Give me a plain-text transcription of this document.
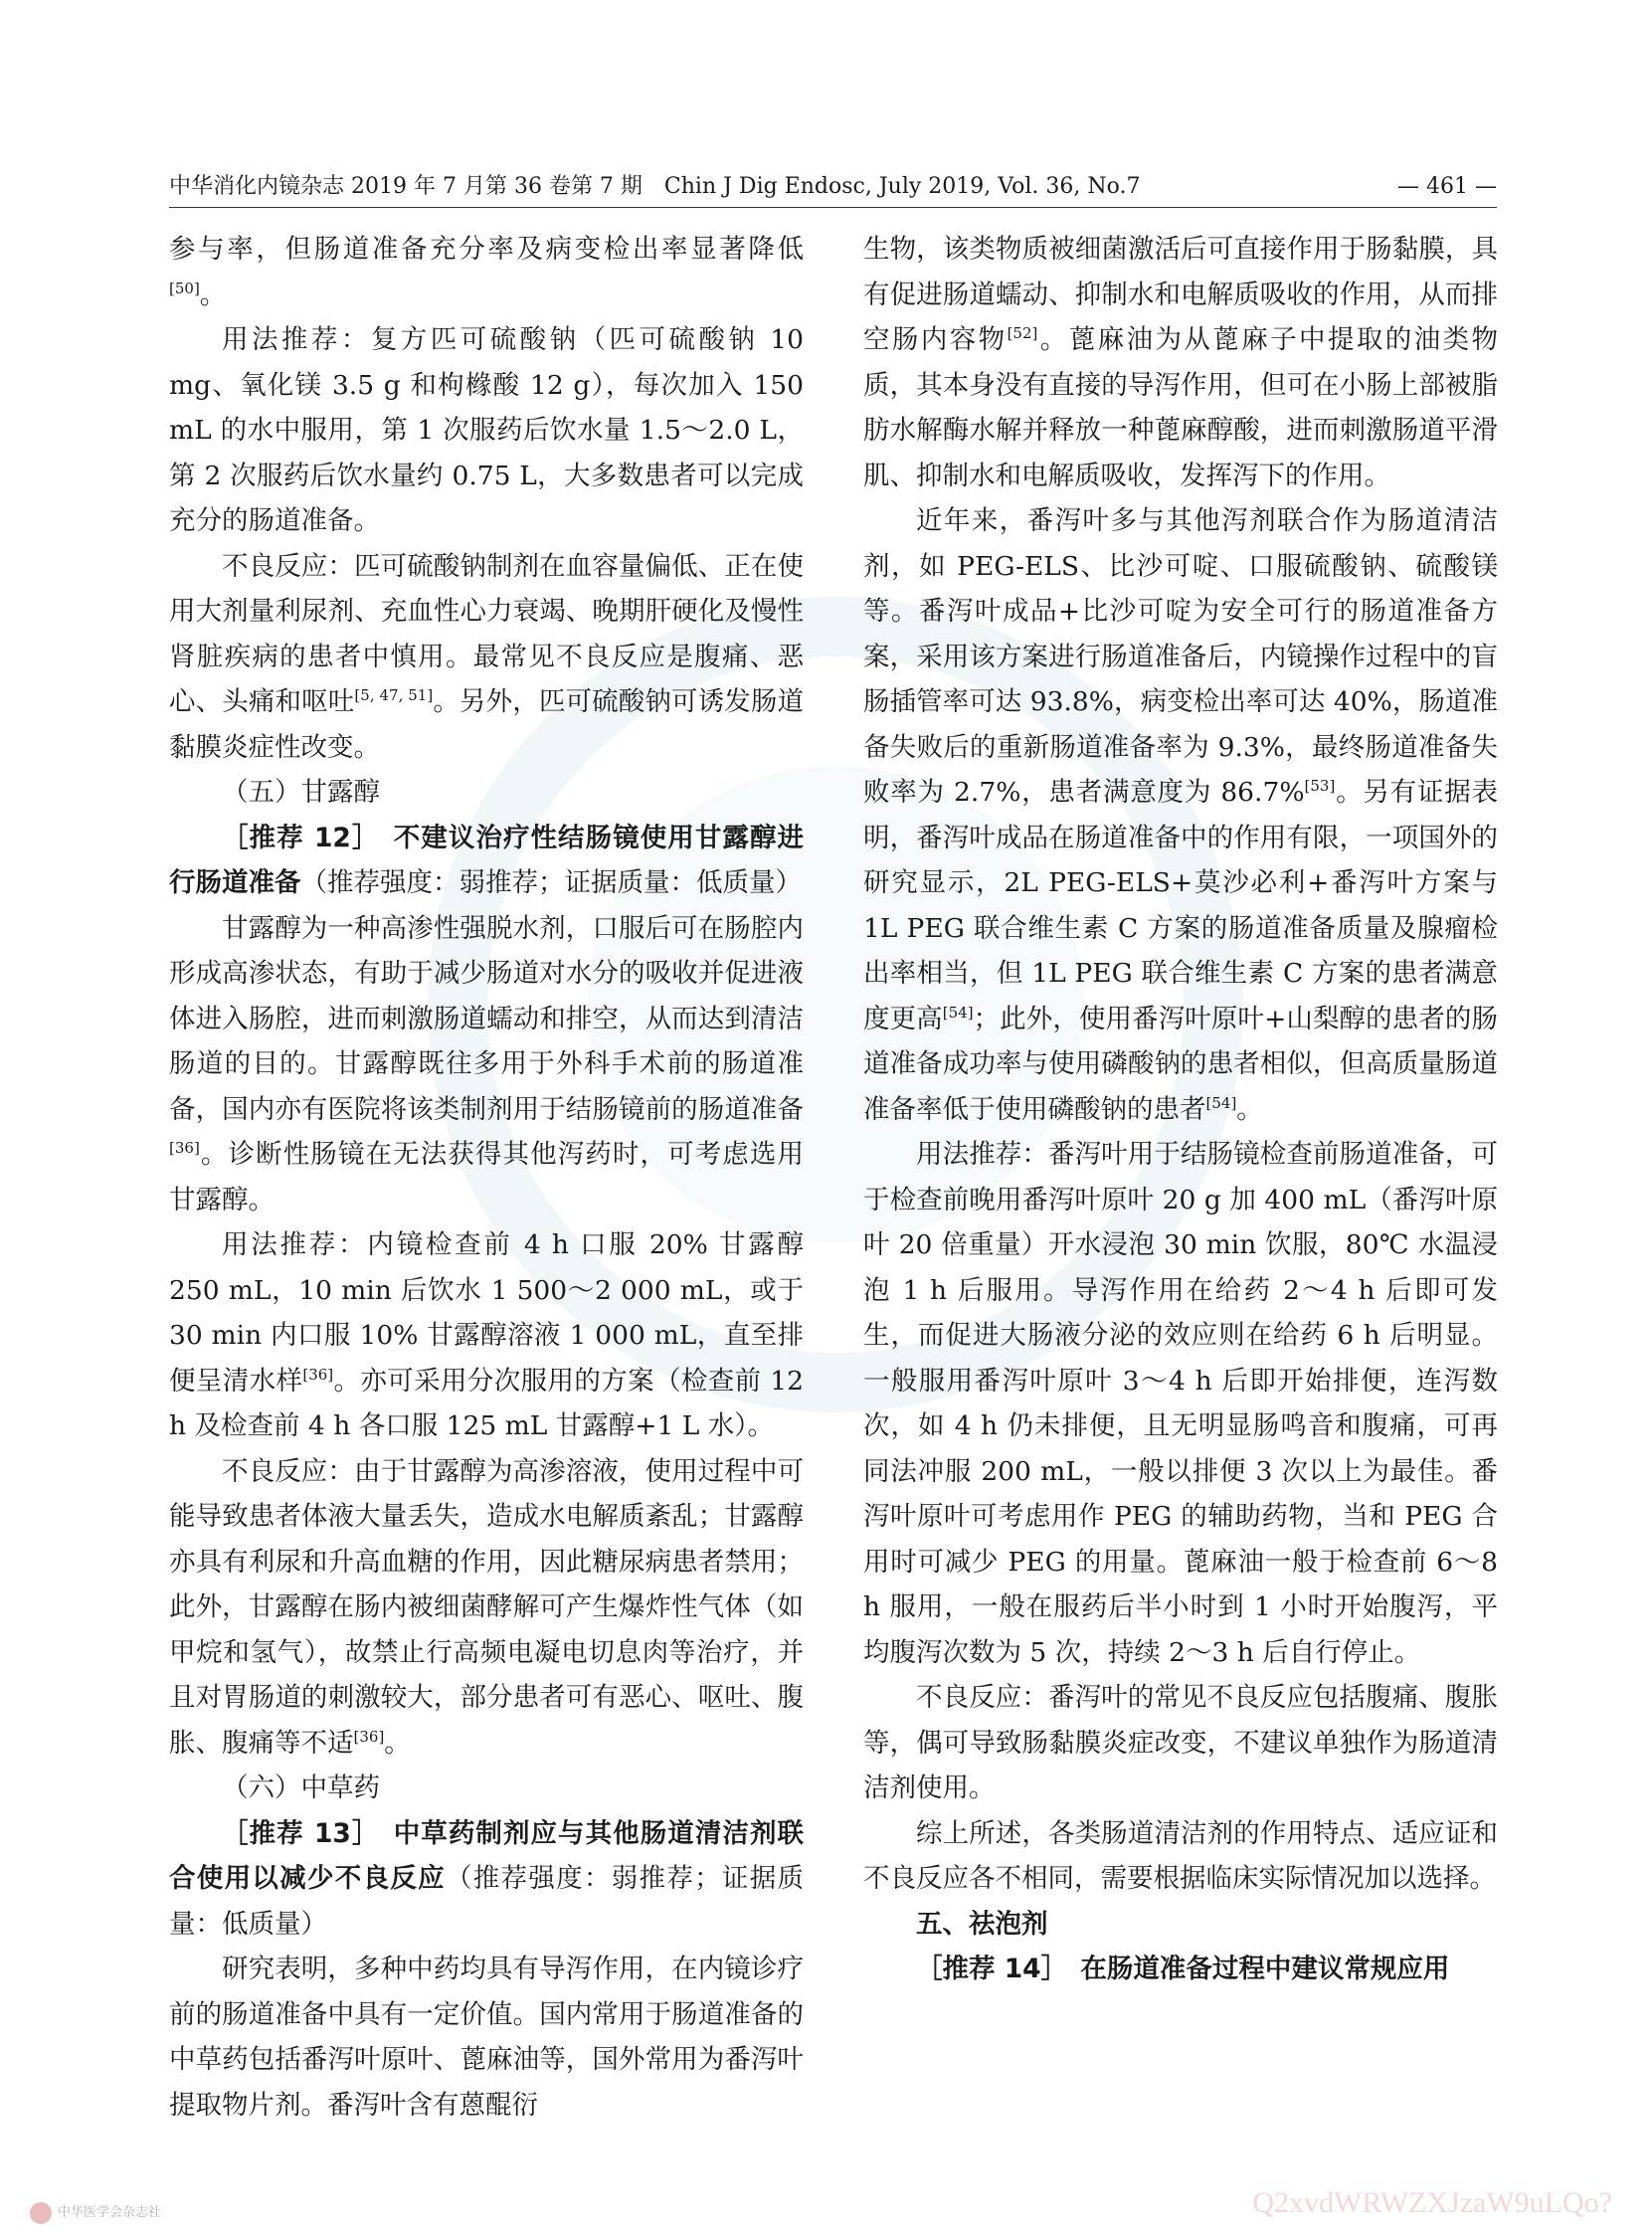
中华消化内镜杂志 2019 年 7 月第 36 卷第 7 期　Chin J Dig Endosc, July 2019, Vol. 36, No.7	— 461 —

参与率，但肠道准备充分率及病变检出率显著降低[50]。

用法推荐：复方匹可硫酸钠（匹可硫酸钠 10 mg、氧化镁 3.5 g 和枸橼酸 12 g），每次加入 150 mL 的水中服用，第 1 次服药后饮水量 1.5～2.0 L，第 2 次服药后饮水量约 0.75 L，大多数患者可以完成充分的肠道准备。

不良反应：匹可硫酸钠制剂在血容量偏低、正在使用大剂量利尿剂、充血性心力衰竭、晚期肝硬化及慢性肾脏疾病的患者中慎用。最常见不良反应是腹痛、恶心、头痛和呕吐[5, 47, 51]。另外，匹可硫酸钠可诱发肠道黏膜炎症性改变。

（五）甘露醇

［推荐 12］　不建议治疗性结肠镜使用甘露醇进行肠道准备（推荐强度：弱推荐；证据质量：低质量）

甘露醇为一种高渗性强脱水剂，口服后可在肠腔内形成高渗状态，有助于减少肠道对水分的吸收并促进液体进入肠腔，进而刺激肠道蠕动和排空，从而达到清洁肠道的目的。甘露醇既往多用于外科手术前的肠道准备，国内亦有医院将该类制剂用于结肠镜前的肠道准备[36]。诊断性肠镜在无法获得其他泻药时，可考虑选用甘露醇。

用法推荐：内镜检查前 4 h 口服 20% 甘露醇 250 mL，10 min 后饮水 1 500～2 000 mL，或于30 min 内口服 10% 甘露醇溶液 1 000 mL，直至排便呈清水样[36]。亦可采用分次服用的方案（检查前 12 h 及检查前 4 h 各口服 125 mL 甘露醇+1 L 水）。

不良反应：由于甘露醇为高渗溶液，使用过程中可能导致患者体液大量丢失，造成水电解质紊乱；甘露醇亦具有利尿和升高血糖的作用，因此糖尿病患者禁用；此外，甘露醇在肠内被细菌酵解可产生爆炸性气体（如甲烷和氢气），故禁止行高频电凝电切息肉等治疗，并且对胃肠道的刺激较大，部分患者可有恶心、呕吐、腹胀、腹痛等不适[36]。

（六）中草药

［推荐 13］　中草药制剂应与其他肠道清洁剂联合使用以减少不良反应（推荐强度：弱推荐；证据质量：低质量）

研究表明，多种中药均具有导泻作用，在内镜诊疗前的肠道准备中具有一定价值。国内常用于肠道准备的中草药包括番泻叶原叶、蓖麻油等，国外常用为番泻叶提取物片剂。番泻叶含有蒽醌衍

生物，该类物质被细菌激活后可直接作用于肠黏膜，具有促进肠道蠕动、抑制水和电解质吸收的作用，从而排空肠内容物[52]。蓖麻油为从蓖麻子中提取的油类物质，其本身没有直接的导泻作用，但可在小肠上部被脂肪水解酶水解并释放一种蓖麻醇酸，进而刺激肠道平滑肌、抑制水和电解质吸收，发挥泻下的作用。

近年来，番泻叶多与其他泻剂联合作为肠道清洁剂，如 PEG-ELS、比沙可啶、口服硫酸钠、硫酸镁等。番泻叶成品+比沙可啶为安全可行的肠道准备方案，采用该方案进行肠道准备后，内镜操作过程中的盲肠插管率可达 93.8%，病变检出率可达 40%，肠道准备失败后的重新肠道准备率为 9.3%，最终肠道准备失败率为 2.7%，患者满意度为 86.7%[53]。另有证据表明，番泻叶成品在肠道准备中的作用有限，一项国外的研究显示，2L PEG-ELS+莫沙必利+番泻叶方案与 1L PEG 联合维生素 C 方案的肠道准备质量及腺瘤检出率相当，但 1L PEG 联合维生素 C 方案的患者满意度更高[54]；此外，使用番泻叶原叶+山梨醇的患者的肠道准备成功率与使用磷酸钠的患者相似，但高质量肠道准备率低于使用磷酸钠的患者[54]。

用法推荐：番泻叶用于结肠镜检查前肠道准备，可于检查前晚用番泻叶原叶 20 g 加 400 mL（番泻叶原叶 20 倍重量）开水浸泡 30 min 饮服，80℃ 水温浸泡 1 h 后服用。导泻作用在给药 2～4 h 后即可发生，而促进大肠液分泌的效应则在给药 6 h 后明显。一般服用番泻叶原叶 3～4 h 后即开始排便，连泻数次，如 4 h 仍未排便，且无明显肠鸣音和腹痛，可再同法冲服 200 mL，一般以排便 3 次以上为最佳。番泻叶原叶可考虑用作 PEG 的辅助药物，当和 PEG 合用时可减少 PEG 的用量。蓖麻油一般于检查前 6～8 h 服用，一般在服药后半小时到 1 小时开始腹泻，平均腹泻次数为 5 次，持续 2～3 h 后自行停止。

不良反应：番泻叶的常见不良反应包括腹痛、腹胀等，偶可导致肠黏膜炎症改变，不建议单独作为肠道清洁剂使用。

综上所述，各类肠道清洁剂的作用特点、适应证和不良反应各不相同，需要根据临床实际情况加以选择。

五、祛泡剂

［推荐 14］　在肠道准备过程中建议常规应用

中华医学会杂志社	Q2xvdWRWZXJzaW9uLQo?
